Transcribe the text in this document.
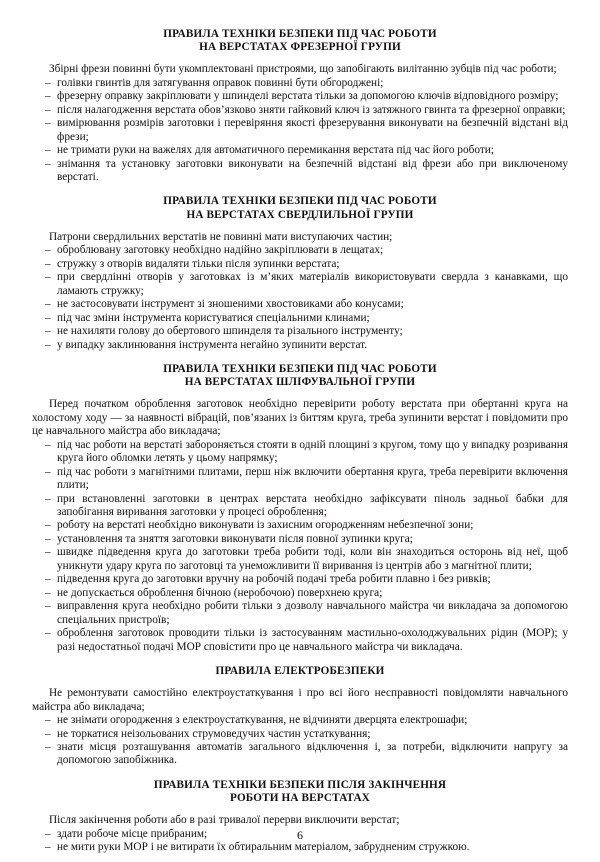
ПРАВИЛА ТЕХНІКИ БЕЗПЕКИ ПІД ЧАС РОБОТИ
НА ВЕРСТАТАХ ФРЕЗЕРНОЇ ГРУПИ

Збірні фрези повинні бути укомплектовані пристроями, що запобігають вилітанню зубців під час роботи;

– голівки гвинтів для затягування оправок повинні бути обгороджені;
– фрезерну оправку закріплювати у шпинделі верстата тільки за допомогою ключів відповідного розміру;
– після налагодження верстата обов’язково зняти гайковий ключ із затяжного гвинта та фрезерної оправки;
– вимірювання розмірів заготовки і перевіряння якості фрезерування виконувати на безпечній відстані від фрези;
– не тримати руки на важелях для автоматичного перемикання верстата під час його роботи;
– знімання та установку заготовки виконувати на безпечній відстані від фрези або при виключеному верстаті.
ПРАВИЛА ТЕХНІКИ БЕЗПЕКИ ПІД ЧАС РОБОТИ
НА ВЕРСТАТАХ СВЕРДЛИЛЬНОЇ ГРУПИ

Патрони свердлильних верстатів не повинні мати виступаючих частин;

– оброблювану заготовку необхідно надійно закріплювати в лещатах;
– стружку з отворів видаляти тільки після зупинки верстата;
– при свердлінні отворів у заготовках із м’яких матеріалів використовувати свердла з канавками, що ламають стружку;
– не застосовувати інструмент зі зношеними хвостовиками або конусами;
– під час зміни інструмента користуватися спеціальними клинами;
– не нахиляти голову до обертового шпинделя та різального інструменту;
– у випадку заклинювання інструмента негайно зупинити верстат.
ПРАВИЛА ТЕХНІКИ БЕЗПЕКИ ПІД ЧАС РОБОТИ
НА ВЕРСТАТАХ ШЛІФУВАЛЬНОЇ ГРУПИ

Перед початком оброблення заготовок необхідно перевірити роботу верстата при обертанні круга на холостому ходу — за наявності вібрацій, пов’язаних із биттям круга, треба зупинити верстат і повідомити про це навчального майстра або викладача;

– під час роботи на верстаті забороняється стояти в одній площині з кругом, тому що у випадку розривання круга його обломки летять у цьому напрямку;
– під час роботи з магнітними плитами, перш ніж включити обертання круга, треба перевірити включення плити;
– при встановленні заготовки в центрах верстата необхідно зафіксувати піноль задньої бабки для запобігання виривання заготовки у процесі оброблення;
– роботу на верстаті необхідно виконувати із захисним огородженням небезпечної зони;
– установлення та зняття заготовки виконувати після повної зупинки круга;
– швидке підведення круга до заготовки треба робити тоді, коли він знаходиться осторонь від неї, щоб уникнути удару круга по заготовці та унеможливити її виривання із центрів або з магнітної плити;
– підведення круга до заготовки вручну на робочій подачі треба робити плавно і без ривків;
– не допускається оброблення бічною (неробочою) поверхнею круга;
– виправлення круга необхідно робити тільки з дозволу навчального майстра чи викладача за допомогою спеціальних пристроїв;
– оброблення заготовок проводити тільки із застосуванням мастильно-охолоджувальних рідин (МОР); у разі недостатньої подачі МОР сповістити про це навчального майстра чи викладача.
ПРАВИЛА ЕЛЕКТРОБЕЗПЕКИ

Не ремонтувати самостійно електроустаткування і про всі його несправності повідомляти навчального майстра або викладача;

– не знімати огородження з електроустаткування, не відчиняти дверцята електрошафи;
– не торкатися неізольованих струмоведучих частин устаткування;
– знати місця розташування автоматів загального відключення і, за потреби, відключити напругу за допомогою запобіжника.
ПРАВИЛА ТЕХНІКИ БЕЗПЕКИ ПІСЛЯ ЗАКІНЧЕННЯ
РОБОТИ НА ВЕРСТАТАХ

Після закінчення роботи або в разі тривалої перерви виключити верстат;

– здати робоче місце прибраним;
– не мити руки МОР і не витирати їх обтиральним матеріалом, забрудненим стружкою.
6
